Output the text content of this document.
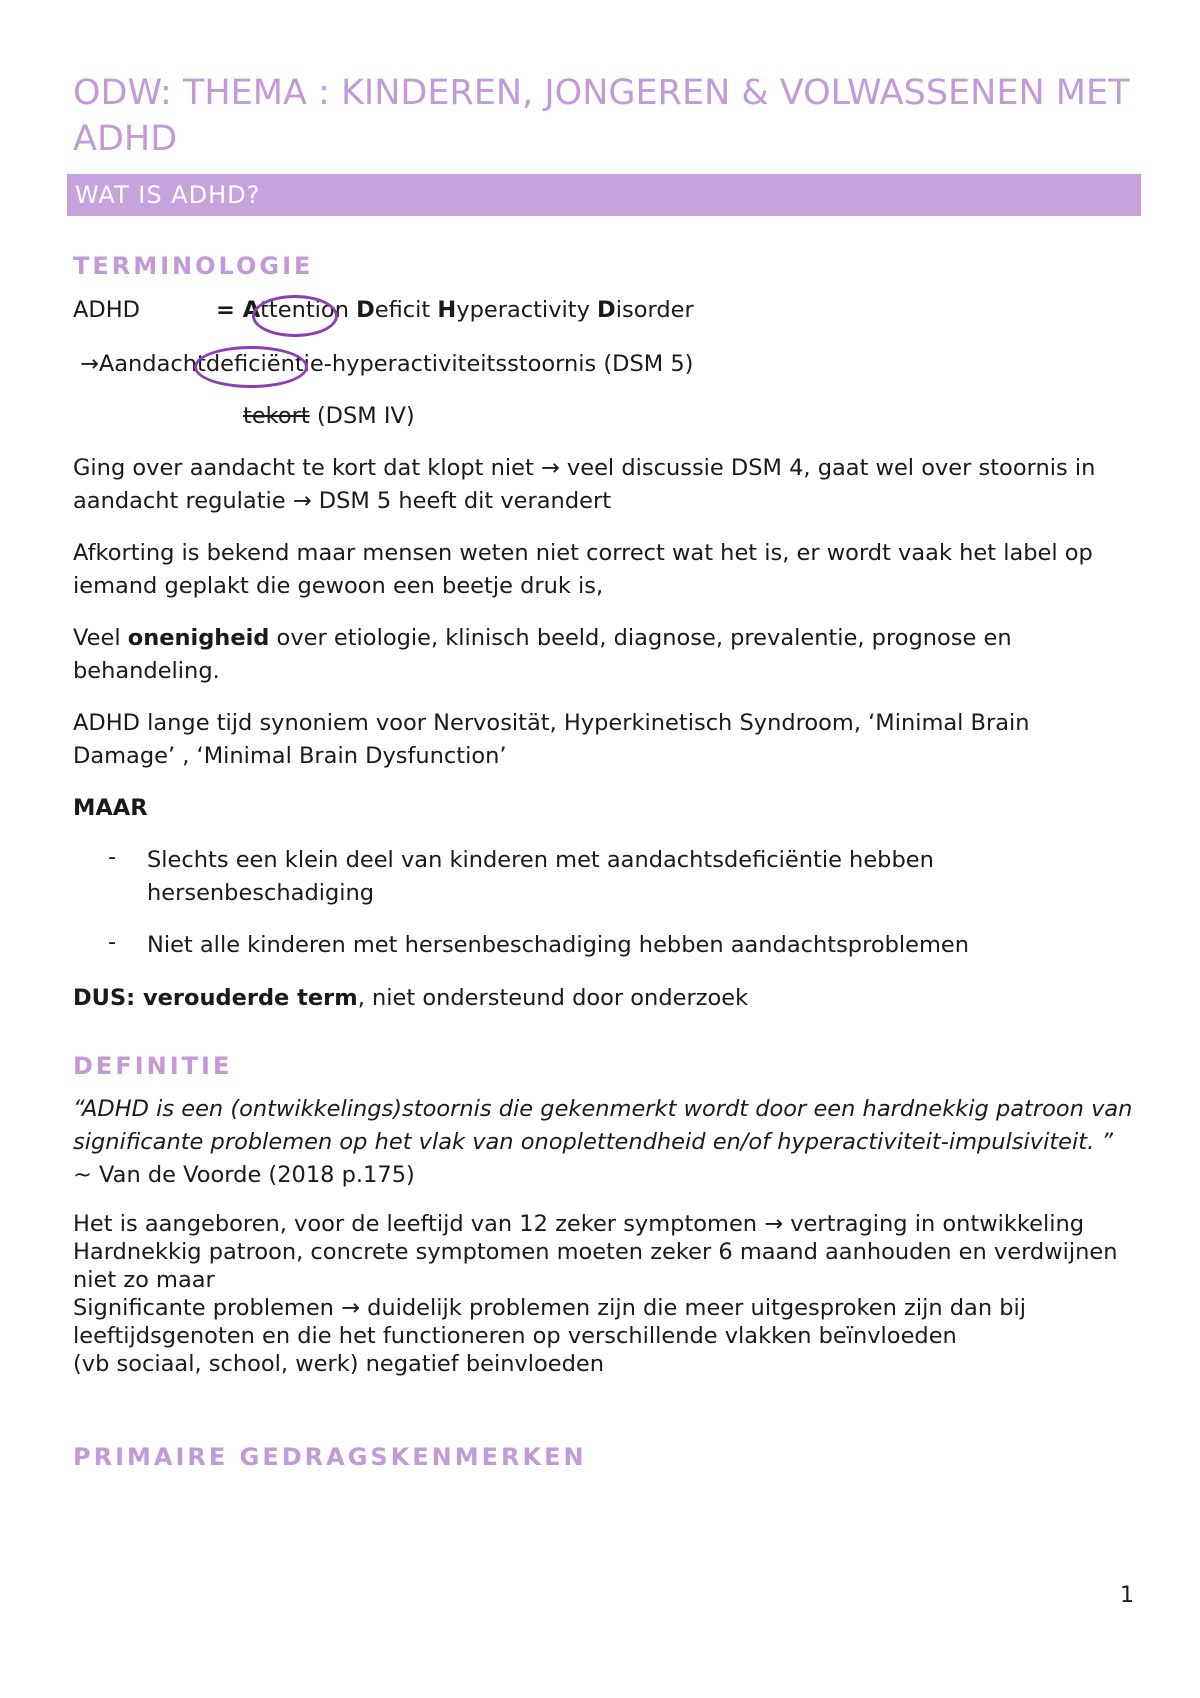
ODW: THEMA : KINDEREN, JONGEREN & VOLWASSENEN MET ADHD
WAT IS ADHD?
TERMINOLOGIE
ADHD	= Attention Deficit Hyperactivity Disorder

→Aandachtdeficiëntie-hyperactiviteitsstoornis (DSM 5)

tekort (DSM IV)

Ging over aandacht te kort dat klopt niet → veel discussie DSM 4, gaat wel over stoornis in aandacht regulatie → DSM 5 heeft dit verandert

Afkorting is bekend maar mensen weten niet correct wat het is, er wordt vaak het label op iemand geplakt die gewoon een beetje druk is,

Veel onenigheid over etiologie, klinisch beeld, diagnose, prevalentie, prognose en behandeling.

ADHD lange tijd synoniem voor Nervosität, Hyperkinetisch Syndroom, ‘Minimal Brain Damage’ , ‘Minimal Brain Dysfunction’

MAAR

- Slechts een klein deel van kinderen met aandachtsdeficiëntie hebben hersenbeschadiging

- Niet alle kinderen met hersenbeschadiging hebben aandachtsproblemen

DUS: verouderde term, niet ondersteund door onderzoek

DEFINITIE

“ADHD is een (ontwikkelings)stoornis die gekenmerkt wordt door een hardnekkig patroon van significante problemen op het vlak van onoplettendheid en/of hyperactiviteit-impulsiviteit. ” ~ Van de Voorde (2018 p.175)

Het is aangeboren, voor de leeftijd van 12 zeker symptomen → vertraging in ontwikkeling
Hardnekkig patroon, concrete symptomen moeten zeker 6 maand aanhouden en verdwijnen niet zo maar
Significante problemen → duidelijk problemen zijn die meer uitgesproken zijn dan bij leeftijdsgenoten en die het functioneren op verschillende vlakken beïnvloeden
(vb sociaal, school, werk) negatief beinvloeden

PRIMAIRE GEDRAGSKENMERKEN
1
